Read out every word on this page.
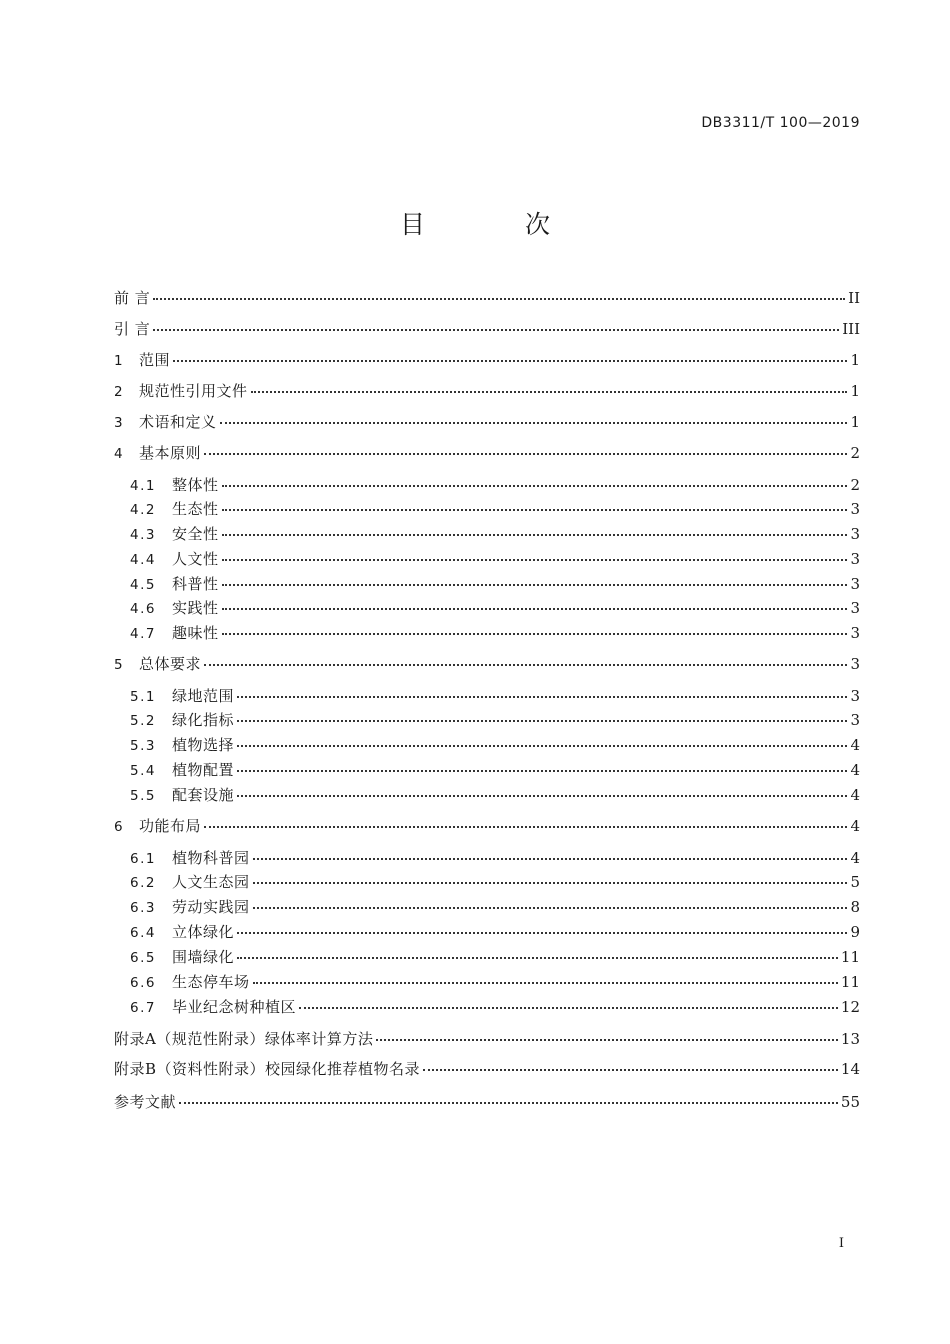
DB3311/T 100—2019
目 次
前 言	II
引 言	III
1	范围	1
2	规范性引用文件	1
3	术语和定义	1
4	基本原则	2
4.1	整体性	2
4.2	生态性	3
4.3	安全性	3
4.4	人文性	3
4.5	科普性	3
4.6	实践性	3
4.7	趣味性	3
5	总体要求	3
5.1	绿地范围	3
5.2	绿化指标	3
5.3	植物选择	4
5.4	植物配置	4
5.5	配套设施	4
6	功能布局	4
6.1	植物科普园	4
6.2	人文生态园	5
6.3	劳动实践园	8
6.4	立体绿化	9
6.5	围墙绿化	11
6.6	生态停车场	11
6.7	毕业纪念树种植区	12
附录A（规范性附录）绿体率计算方法	13
附录B（资料性附录）校园绿化推荐植物名录	14
参考文献	55
I
